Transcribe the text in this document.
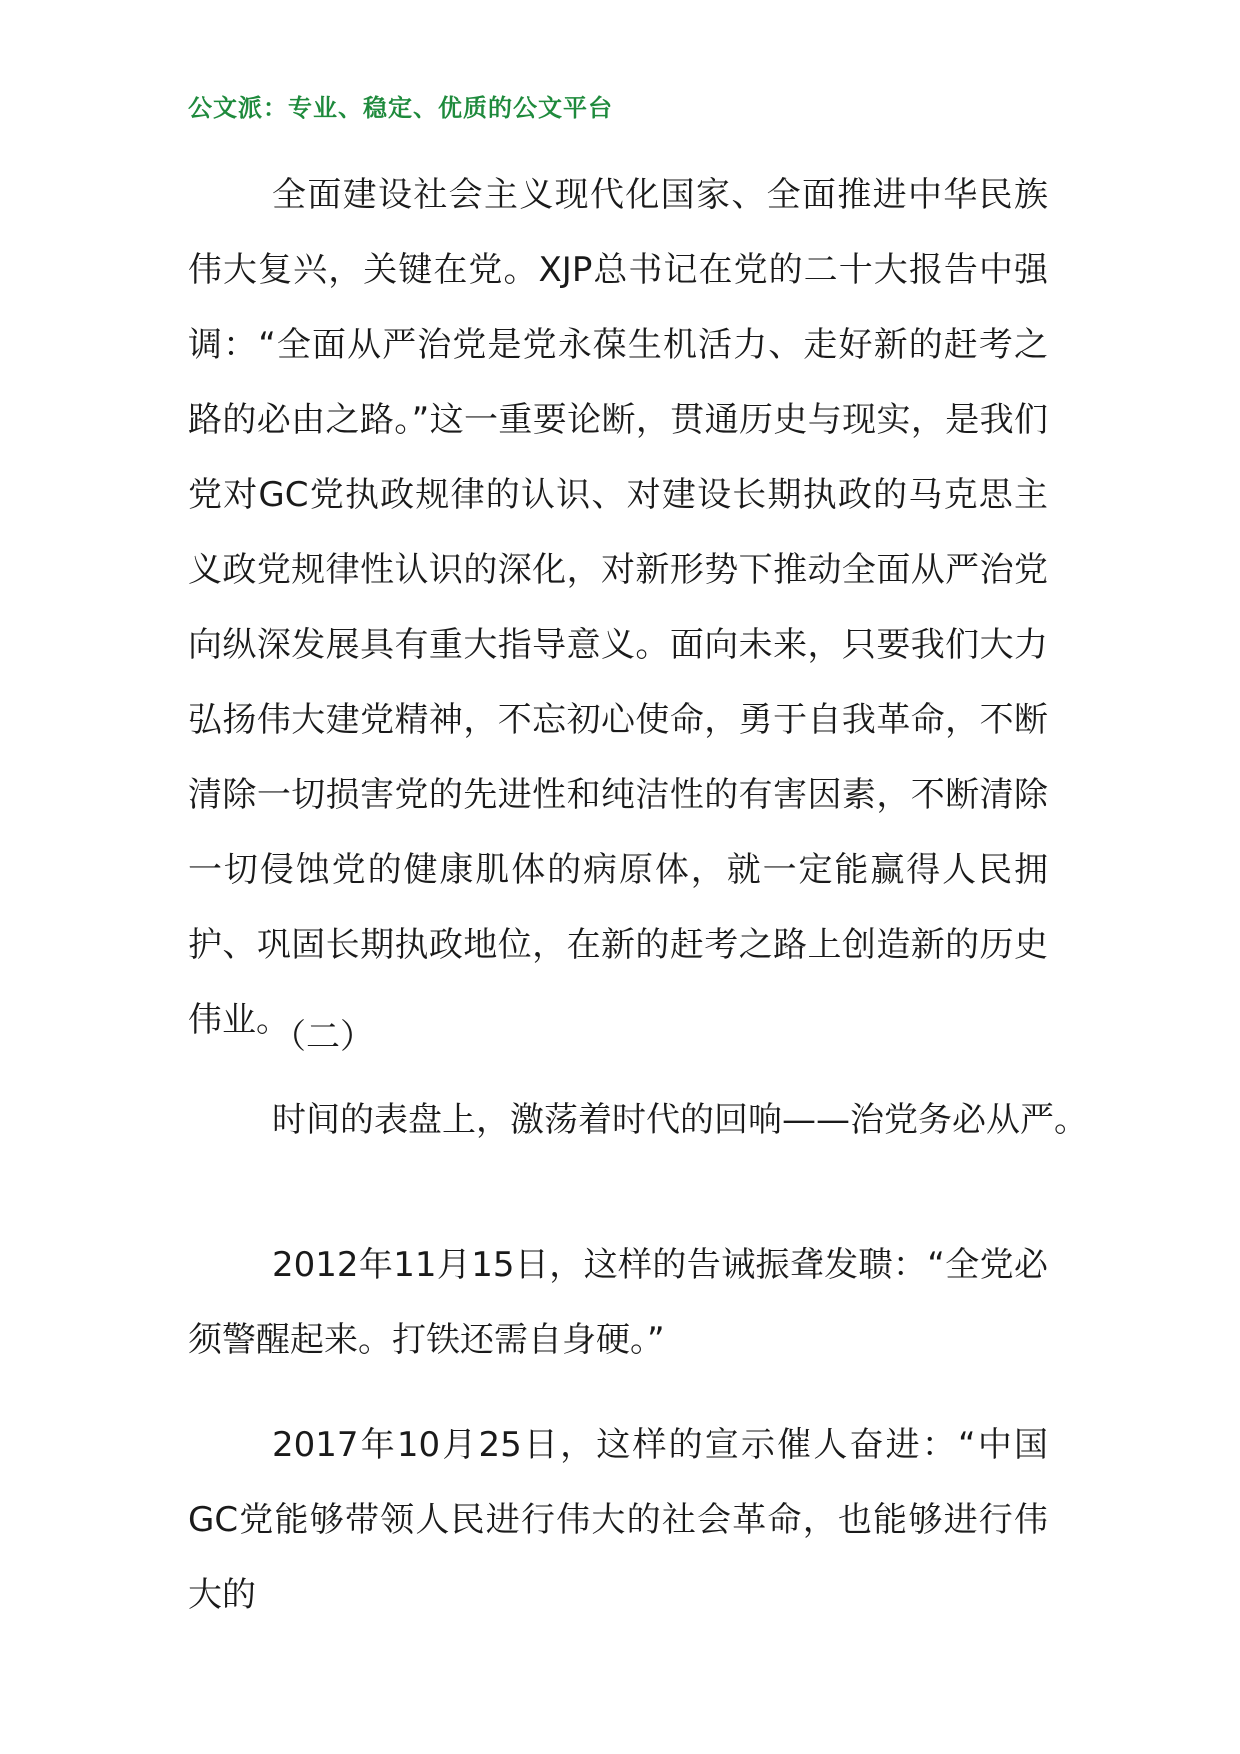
公文派：专业、稳定、优质的公文平台

全面建设社会主义现代化国家、全面推进中华民族伟大复兴，关键在党。XJP总书记在党的二十大报告中强调：“全面从严治党是党永葆生机活力、走好新的赶考之路的必由之路。”这一重要论断，贯通历史与现实，是我们党对GC党执政规律的认识、对建设长期执政的马克思主义政党规律性认识的深化，对新形势下推动全面从严治党向纵深发展具有重大指导意义。面向未来，只要我们大力弘扬伟大建党精神，不忘初心使命，勇于自我革命，不断清除一切损害党的先进性和纯洁性的有害因素，不断清除一切侵蚀党的健康肌体的病原体，就一定能赢得人民拥护、巩固长期执政地位，在新的赶考之路上创造新的历史伟业。

（二）

时间的表盘上，激荡着时代的回响——治党务必从严。

2012年11月15日，这样的告诫振聋发聩：“全党必须警醒起来。打铁还需自身硬。”

2017年10月25日，这样的宣示催人奋进：“中国GC党能够带领人民进行伟大的社会革命，也能够进行伟大的
